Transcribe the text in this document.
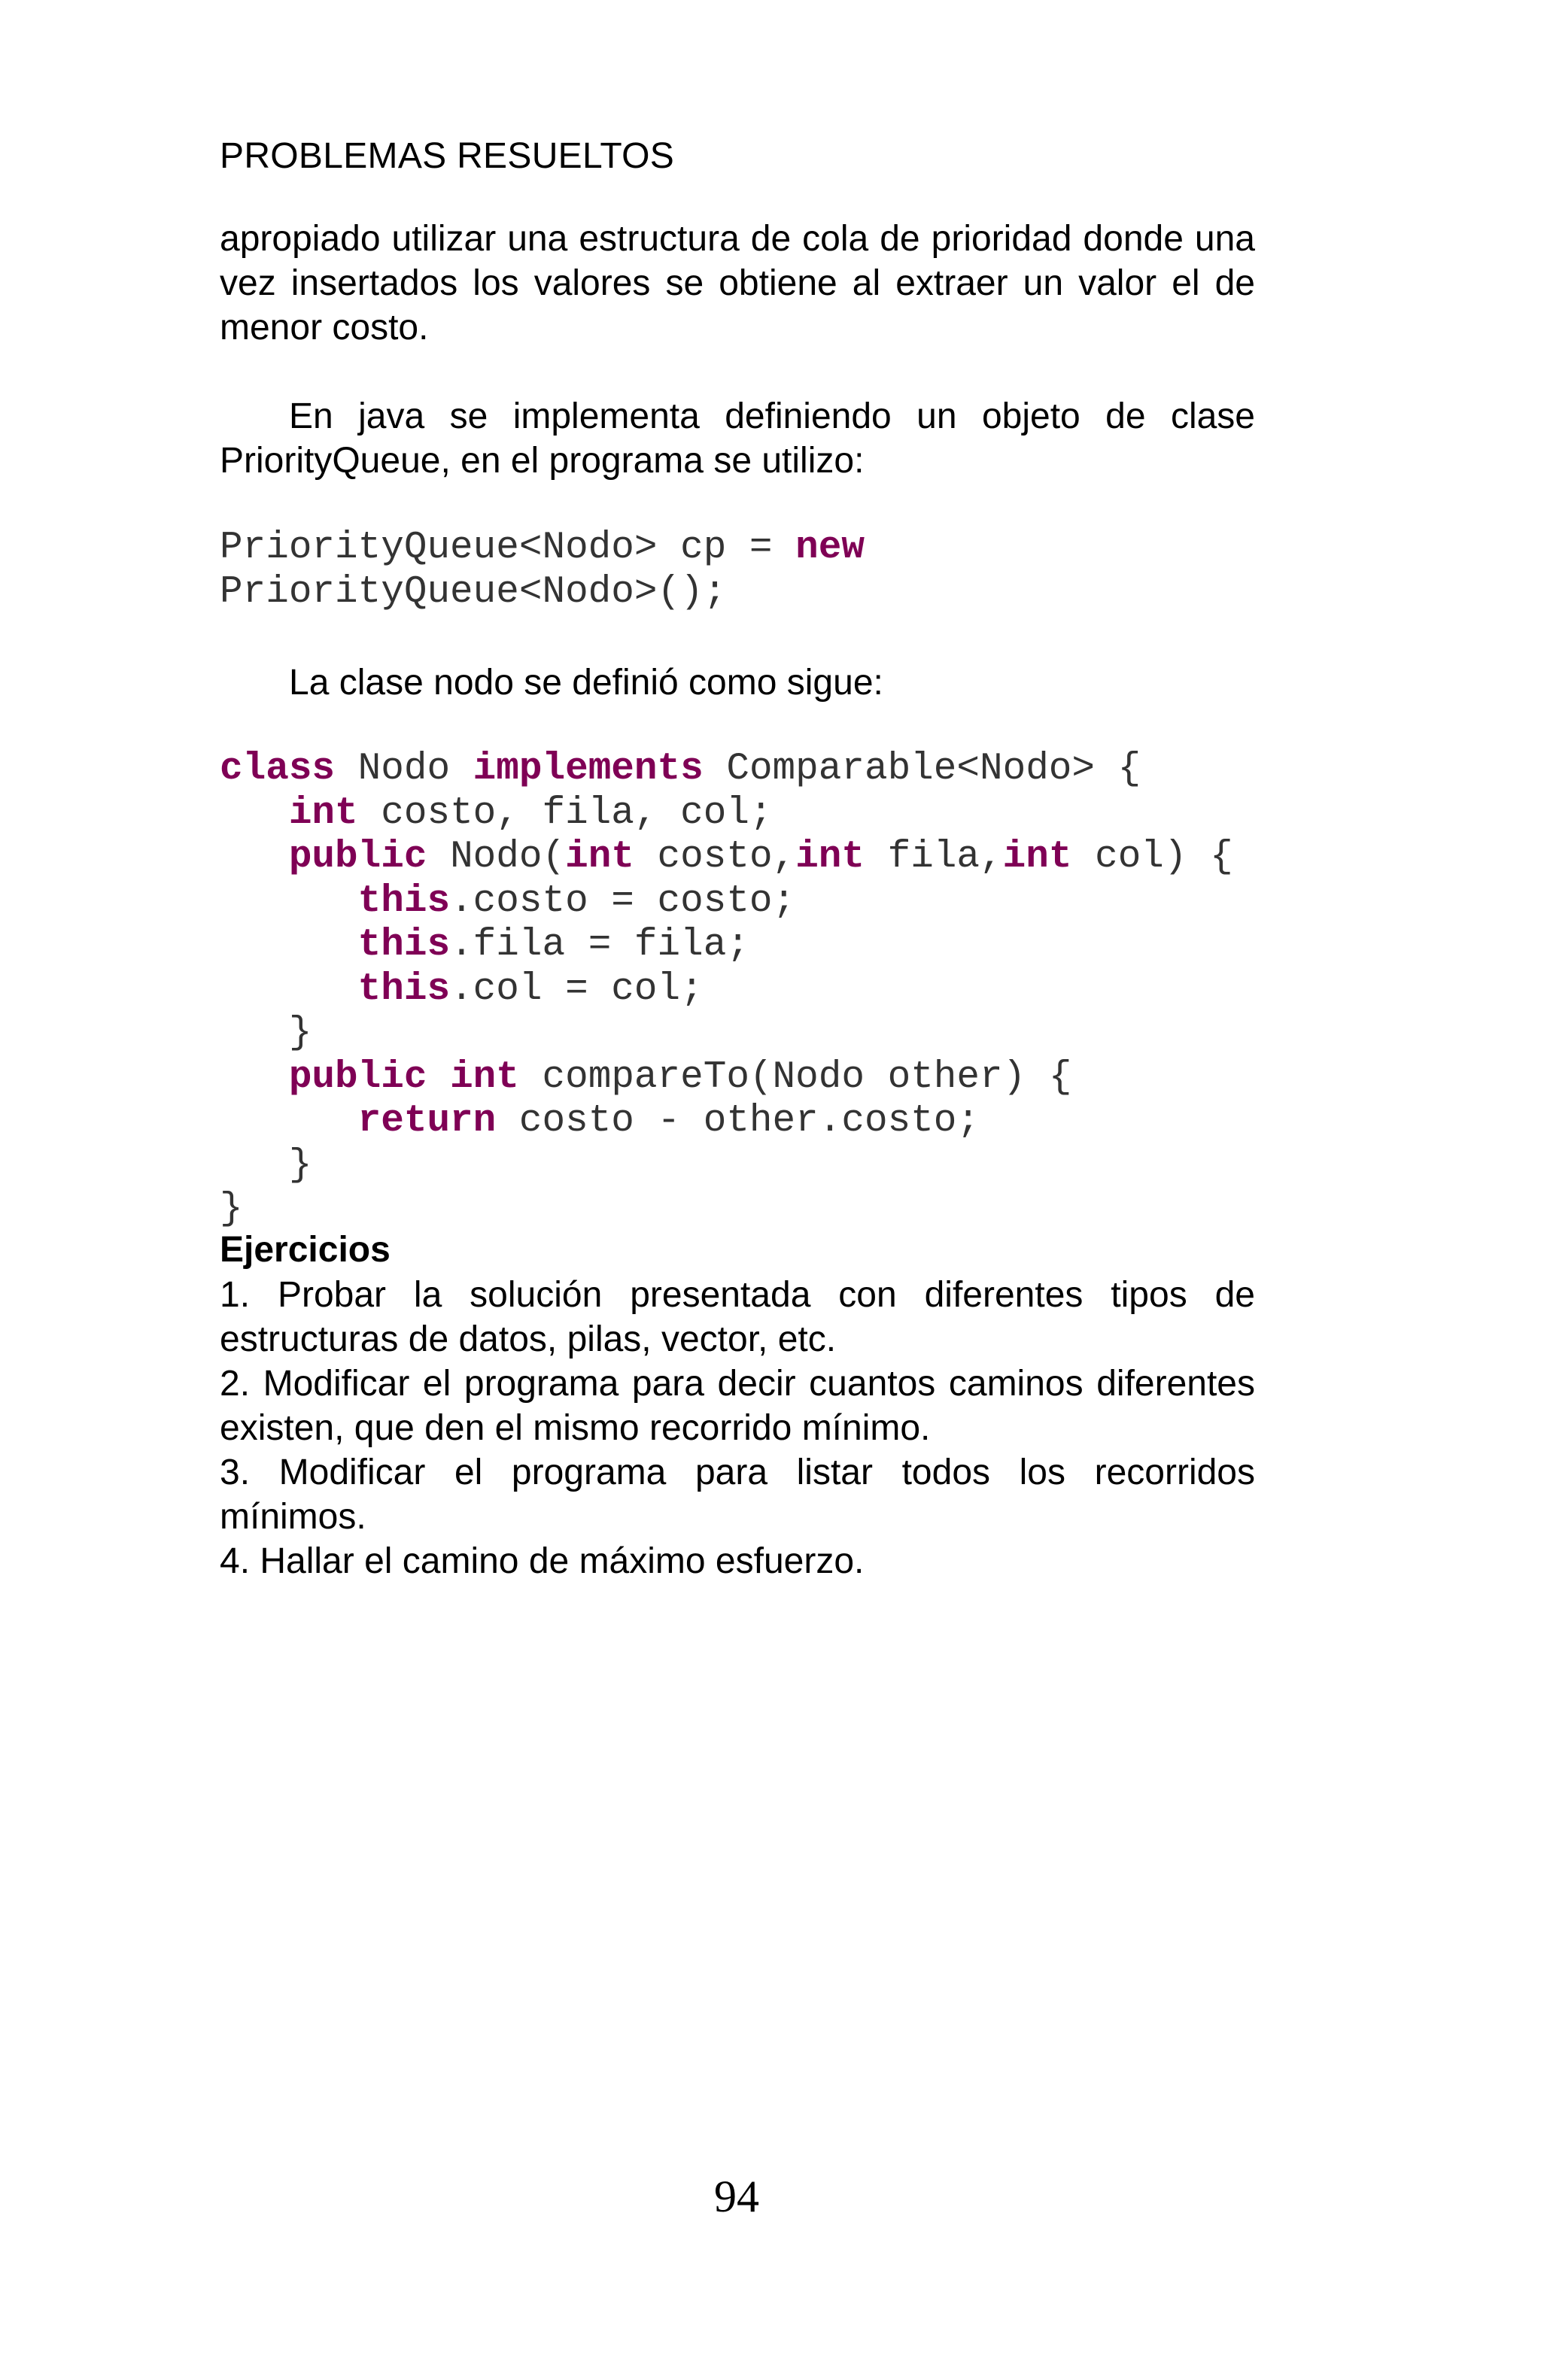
PROBLEMAS RESUELTOS

apropiado utilizar una estructura de cola de prioridad donde una vez insertados los valores se obtiene al extraer un valor el de menor costo.

En java se implementa definiendo un objeto de clase PriorityQueue, en el programa se utilizo:

PriorityQueue<Nodo> cp = new
PriorityQueue<Nodo>();

La clase nodo se definió como sigue:

class Nodo implements Comparable<Nodo> {
int costo, fila, col;
public Nodo(int costo,int fila,int col) {
this.costo = costo;
this.fila = fila;
this.col = col;
}
public int compareTo(Nodo other) {
return costo - other.costo;
}
}
Ejercicios
1. Probar la solución presentada con diferentes tipos de estructuras de datos, pilas, vector, etc.
2. Modificar el programa para decir cuantos caminos diferentes existen, que den el mismo recorrido mínimo.
3. Modificar el programa para listar todos los recorridos mínimos.
4. Hallar el camino de máximo esfuerzo.
94
